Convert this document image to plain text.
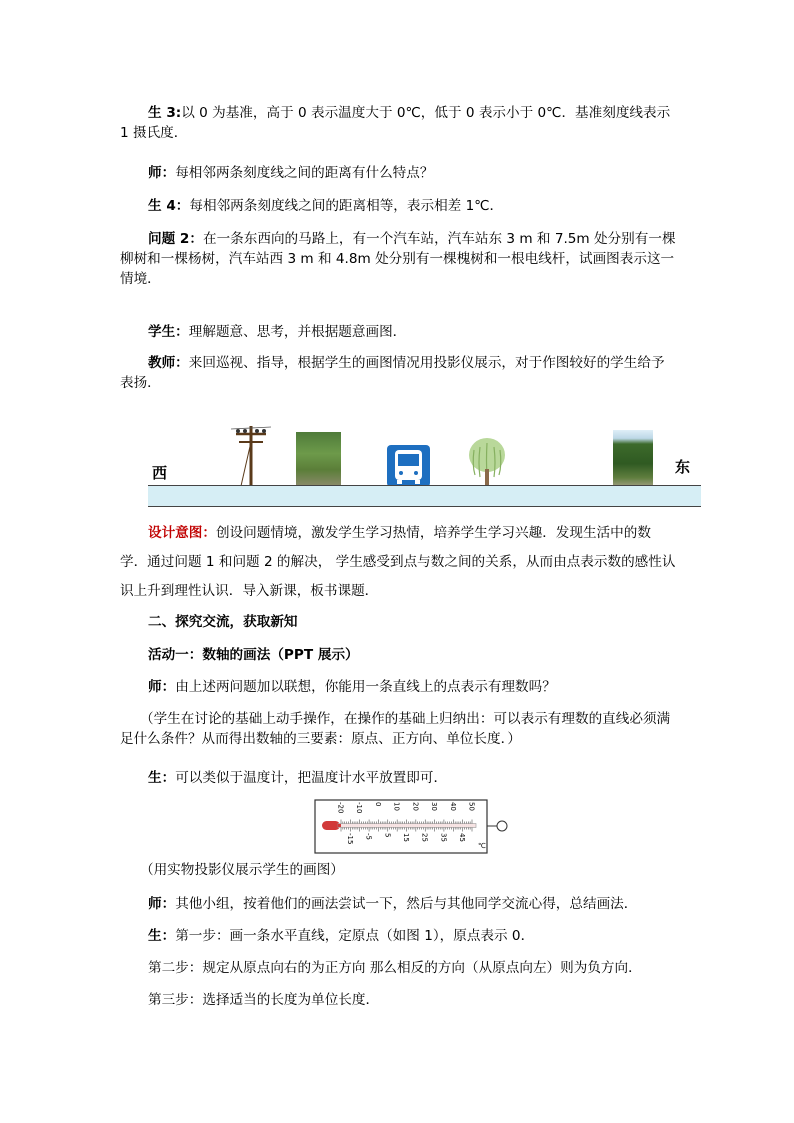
生 3:以 0 为基准，高于 0 表示温度大于 0℃，低于 0 表示小于 0℃．基准刻度线表示 1 摄氏度．

师：每相邻两条刻度线之间的距离有什么特点？

生 4：每相邻两条刻度线之间的距离相等，表示相差 1℃．

问题 2：在一条东西向的马路上，有一个汽车站，汽车站东 3 m 和 7.5m 处分别有一棵柳树和一棵杨树，汽车站西 3 m 和 4.8m 处分别有一棵槐树和一根电线杆，试画图表示这一情境．

学生：理解题意、思考，并根据题意画图．

教师：来回巡视、指导，根据学生的画图情况用投影仪展示，对于作图较好的学生给予表扬．

西	东

设计意图：创设问题情境，激发学生学习热情，培养学生学习兴趣．发现生活中的数学．通过问题 1 和问题 2 的解决， 学生感受到点与数之间的关系，从而由点表示数的感性认识上升到理性认识．导入新课，板书课题．

二、探究交流，获取新知

活动一：数轴的画法（PPT 展示）

师：由上述两问题加以联想，你能用一条直线上的点表示有理数吗？

（学生在讨论的基础上动手操作，在操作的基础上归纳出：可以表示有理数的直线必须满足什么条件？从而得出数轴的三要素：原点、正方向、单位长度．）

生：可以类似于温度计，把温度计水平放置即可．

-20 -10 0 10 20 30 40 50
-15 -5 5 15 25 35 45
℃

（用实物投影仪展示学生的画图）

师：其他小组，按着他们的画法尝试一下，然后与其他同学交流心得，总结画法．

生：第一步：画一条水平直线，定原点（如图 1），原点表示 0．

第二步：规定从原点向右的为正方向 那么相反的方向（从原点向左）则为负方向．

第三步：选择适当的长度为单位长度．
